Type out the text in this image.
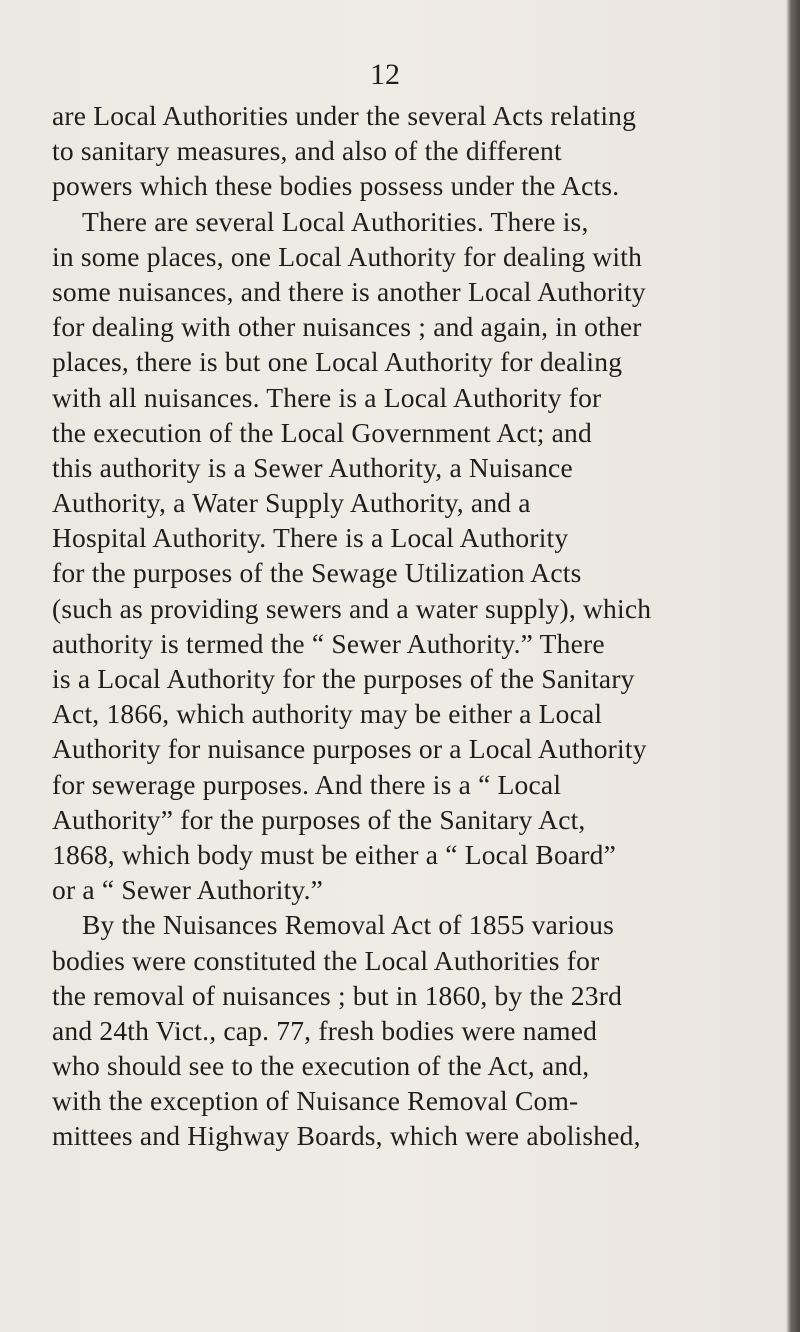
12

are Local Authorities under the several Acts relating
to sanitary measures, and also of the different
powers which these bodies possess under the Acts.
There are several Local Authorities. There is,
in some places, one Local Authority for dealing with
some nuisances, and there is another Local Authority
for dealing with other nuisances ; and again, in other
places, there is but one Local Authority for dealing
with all nuisances. There is a Local Authority for
the execution of the Local Government Act; and
this authority is a Sewer Authority, a Nuisance
Authority, a Water Supply Authority, and a
Hospital Authority. There is a Local Authority
for the purposes of the Sewage Utilization Acts
(such as providing sewers and a water supply), which
authority is termed the “ Sewer Authority.” There
is a Local Authority for the purposes of the Sanitary
Act, 1866, which authority may be either a Local
Authority for nuisance purposes or a Local Authority
for sewerage purposes. And there is a “ Local
Authority” for the purposes of the Sanitary Act,
1868, which body must be either a “ Local Board”
or a “ Sewer Authority.”
By the Nuisances Removal Act of 1855 various
bodies were constituted the Local Authorities for
the removal of nuisances ; but in 1860, by the 23rd
and 24th Vict., cap. 77, fresh bodies were named
who should see to the execution of the Act, and,
with the exception of Nuisance Removal Com-
mittees and Highway Boards, which were abolished,
